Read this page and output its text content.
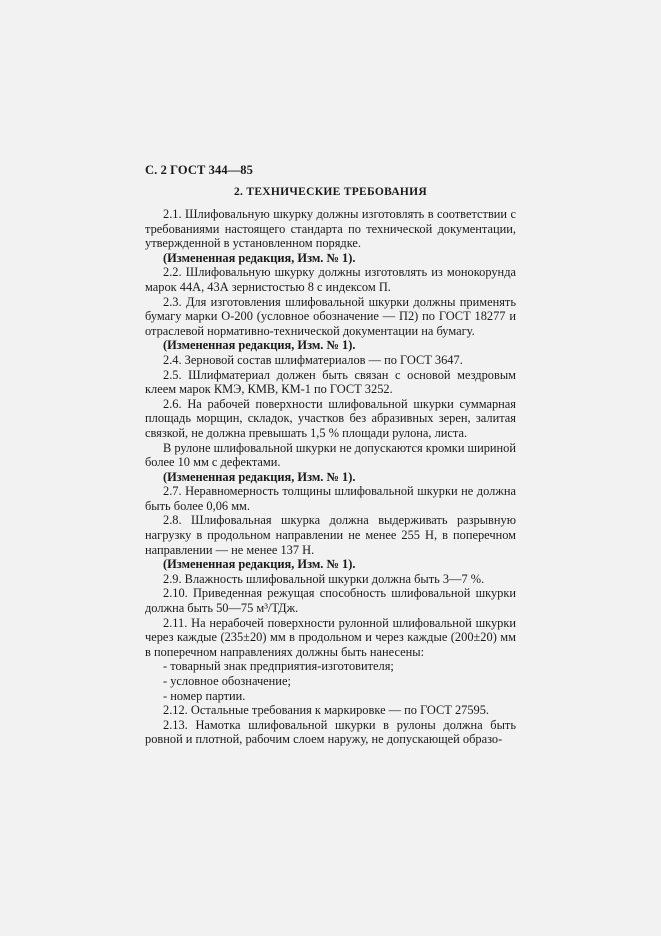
С. 2 ГОСТ 344—85
2. ТЕХНИЧЕСКИЕ ТРЕБОВАНИЯ

2.1. Шлифовальную шкурку должны изготовлять в соответствии с требованиями настоящего стандарта по технической документации, утвержденной в установленном порядке.

(Измененная редакция, Изм. № 1).

2.2. Шлифовальную шкурку должны изготовлять из монокорунда марок 44А, 43А зернистостью 8 с индексом П.

2.3. Для изготовления шлифовальной шкурки должны применять бумагу марки О-200 (условное обозначение — П2) по ГОСТ 18277 и отраслевой нормативно-технической документации на бумагу.

(Измененная редакция, Изм. № 1).

2.4. Зерновой состав шлифматериалов — по ГОСТ 3647.

2.5. Шлифматериал должен быть связан с основой мездровым клеем марок КМЭ, КМВ, КМ-1 по ГОСТ 3252.

2.6. На рабочей поверхности шлифовальной шкурки суммарная площадь морщин, складок, участков без абразивных зерен, залитая связкой, не должна превышать 1,5 % площади рулона, листа.

В рулоне шлифовальной шкурки не допускаются кромки шириной более 10 мм с дефектами.

(Измененная редакция, Изм. № 1).

2.7. Неравномерность толщины шлифовальной шкурки не должна быть более 0,06 мм.

2.8. Шлифовальная шкурка должна выдерживать разрывную нагрузку в продольном направлении не менее 255 Н, в поперечном направлении — не менее 137 Н.

(Измененная редакция, Изм. № 1).

2.9. Влажность шлифовальной шкурки должна быть 3—7 %.

2.10. Приведенная режущая способность шлифовальной шкурки должна быть 50—75 м³/ТДж.

2.11. На нерабочей поверхности рулонной шлифовальной шкурки через каждые (235±20) мм в продольном и через каждые (200±20) мм в поперечном направлениях должны быть нанесены:

- товарный знак предприятия-изготовителя;

- условное обозначение;

- номер партии.

2.12. Остальные требования к маркировке — по ГОСТ 27595.

2.13. Намотка шлифовальной шкурки в рулоны должна быть ровной и плотной, рабочим слоем наружу, не допускающей образо-
